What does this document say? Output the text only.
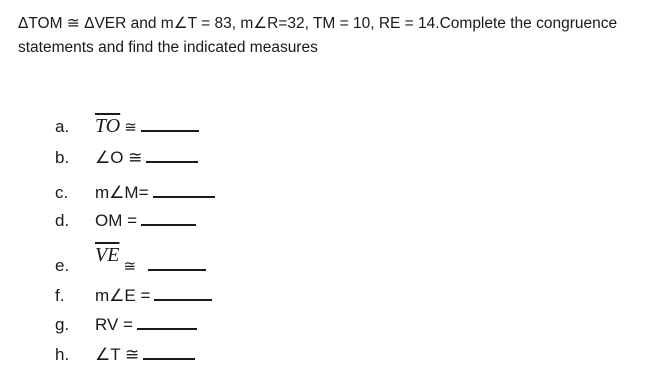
ΔTOM ≅ ΔVER and m∠T = 83, m∠R=32, TM = 10, RE = 14.Complete the congruence
statements and find the indicated measures
a. $\overline{TO}$ ≅
b. ∠O ≅
c. m∠M=
d. OM =
e. $\overline{VE}≅$
f. m∠E =
g. RV =
h. ∠T ≅
